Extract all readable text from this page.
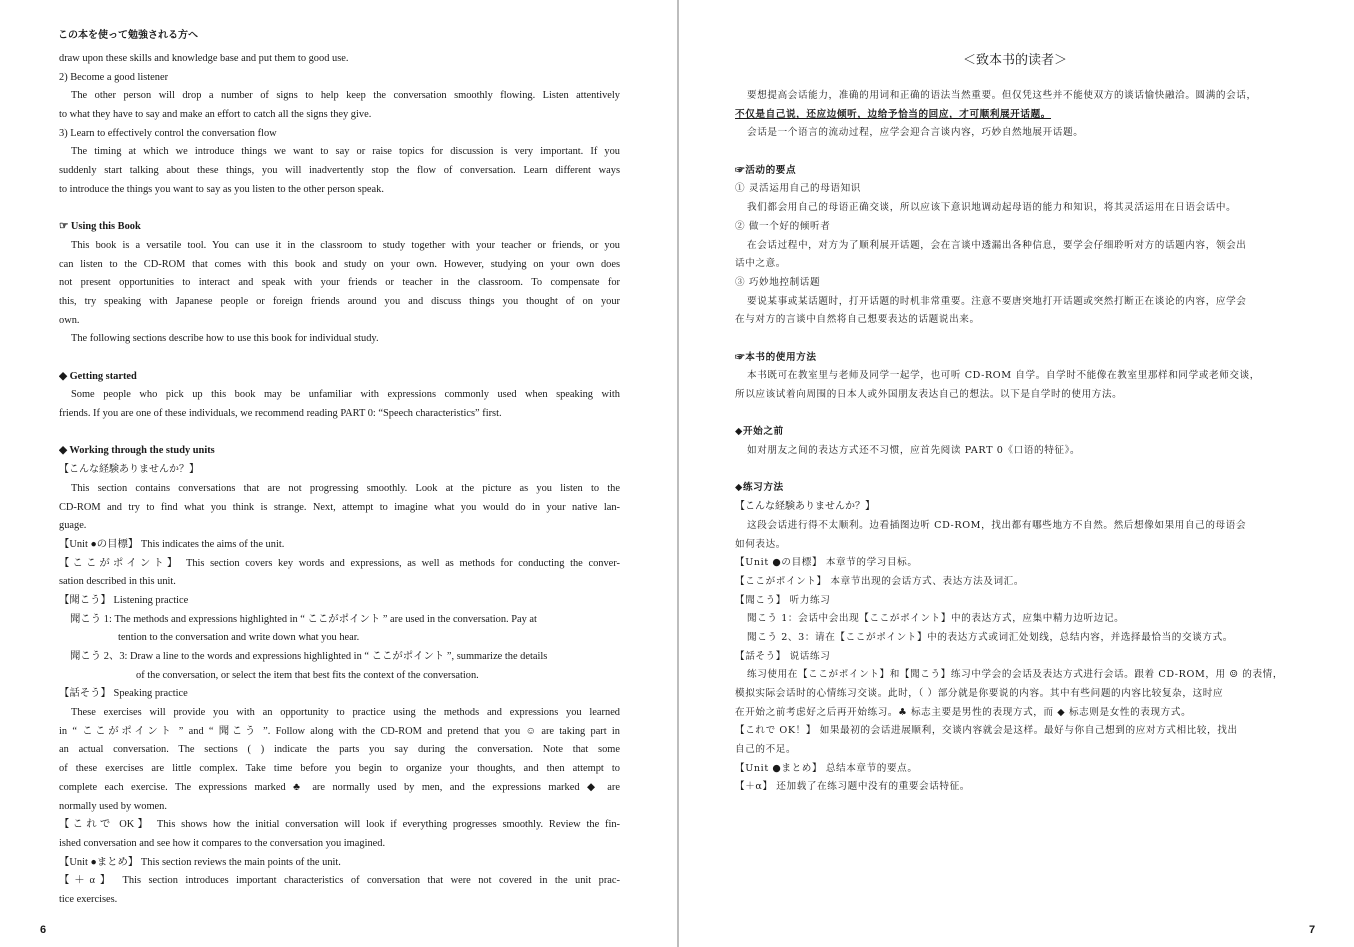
この本を使って勉強される方へ
draw upon these skills and knowledge base and put them to good use.
2) Become a good listener
The other person will drop a number of signs to help keep the conversation smoothly flowing. Listen attentively
to what they have to say and make an effort to catch all the signs they give.
3) Learn to effectively control the conversation flow
The timing at which we introduce things we want to say or raise topics for discussion is very important. If you
suddenly start talking about these things, you will inadvertently stop the flow of conversation. Learn different ways
to introduce the things you want to say as you listen to the other person speak.
☞ Using this Book
This book is a versatile tool. You can use it in the classroom to study together with your teacher or friends, or you
can listen to the CD-ROM that comes with this book and study on your own. However, studying on your own does
not present opportunities to interact and speak with your friends or teacher in the classroom. To compensate for
this, try speaking with Japanese people or foreign friends around you and discuss things you thought of on your
own.
The following sections describe how to use this book for individual study.
◆ Getting started
Some people who pick up this book may be unfamiliar with expressions commonly used when speaking with
friends. If you are one of these individuals, we recommend reading PART 0: “Speech characteristics” first.
◆ Working through the study units
【こんな経験ありませんか？】
This section contains conversations that are not progressing smoothly. Look at the picture as you listen to the
CD-ROM and try to find what you think is strange. Next, attempt to imagine what you would do in your native lan-
guage.
【Unit ●の目標】 This indicates the aims of the unit.
【ここがポイント】 This section covers key words and expressions, as well as methods for conducting the conver-
sation described in this unit.
【聞こう】 Listening practice
聞こう 1: The methods and expressions highlighted in “ ここがポイント ” are used in the conversation. Pay at
tention to the conversation and write down what you hear.
聞こう 2、3: Draw a line to the words and expressions highlighted in “ ここがポイント ”, summarize the details
of the conversation, or select the item that best fits the context of the conversation.
【話そう】 Speaking practice
These exercises will provide you with an opportunity to practice using the methods and expressions you learned
in “ ここがポイント ” and “ 聞こう ”. Follow along with the CD-ROM and pretend that you ☺ are taking part in
an actual conversation. The sections ( ) indicate the parts you say during the conversation. Note that some
of these exercises are little complex. Take time before you begin to organize your thoughts, and then attempt to
complete each exercise. The expressions marked ♣ are normally used by men, and the expressions marked ◆ are
normally used by women.
【これで OK】 This shows how the initial conversation will look if everything progresses smoothly. Review the fin-
ished conversation and see how it compares to the conversation you imagined.
【Unit ●まとめ】 This section reviews the main points of the unit.
【＋α】 This section introduces important characteristics of conversation that were not covered in the unit prac-
tice exercises.
6
＜致本书的读者＞
要想提高会话能力，准确的用词和正确的语法当然重要。但仅凭这些并不能使双方的谈话愉快融洽。圆满的会话，
不仅是自己说，还应边倾听，边给予恰当的回应，才可顺利展开话题。
会话是一个语言的流动过程，应学会迎合言谈内容，巧妙自然地展开话题。
☞活动的要点
① 灵活运用自己的母语知识
我们都会用自己的母语正确交谈，所以应该下意识地调动起母语的能力和知识，将其灵活运用在日语会话中。
② 做一个好的倾听者
在会话过程中，对方为了顺利展开话题，会在言谈中透漏出各种信息，要学会仔细聆听对方的话题内容，领会出
话中之意。
③ 巧妙地控制话题
要说某事或某话题时，打开话题的时机非常重要。注意不要唐突地打开话题或突然打断正在谈论的内容，应学会
在与对方的言谈中自然将自己想要表达的话题说出来。
☞本书的使用方法
本书既可在教室里与老师及同学一起学，也可听 CD-ROM 自学。自学时不能像在教室里那样和同学或老师交谈，
所以应该试着向周围的日本人或外国朋友表达自己的想法。以下是自学时的使用方法。
◆开始之前
如对朋友之间的表达方式还不习惯，应首先阅读 PART 0《口语的特征》。
◆练习方法
【こんな経験ありませんか？】
这段会话进行得不太顺利。边看插图边听 CD-ROM，找出都有哪些地方不自然。然后想像如果用自己的母语会
如何表达。
【Unit ●の目標】 本章节的学习目标。
【ここがポイント】 本章节出现的会话方式、表达方法及词汇。
【聞こう】 听力练习
聞こう 1：会话中会出现【ここがポイント】中的表达方式，应集中精力边听边记。
聞こう 2、3：请在【ここがポイント】中的表达方式或词汇处划线，总结内容，并选择最恰当的交谈方式。
【話そう】 说话练习
练习使用在【ここがポイント】和【聞こう】练习中学会的会话及表达方式进行会话。跟着 CD-ROM，用 ☺ 的表情，
模拟实际会话时的心情练习交谈。此时，（ ）部分就是你要说的内容。其中有些问题的内容比较复杂，这时应
在开始之前考虑好之后再开始练习。♣ 标志主要是男性的表现方式，而 ◆ 标志则是女性的表现方式。
【これで OK！】 如果最初的会话进展顺利，交谈内容就会是这样。最好与你自己想到的应对方式相比较，找出
自己的不足。
【Unit ●まとめ】 总结本章节的要点。
【＋α】 还加载了在练习题中没有的重要会话特征。
7
